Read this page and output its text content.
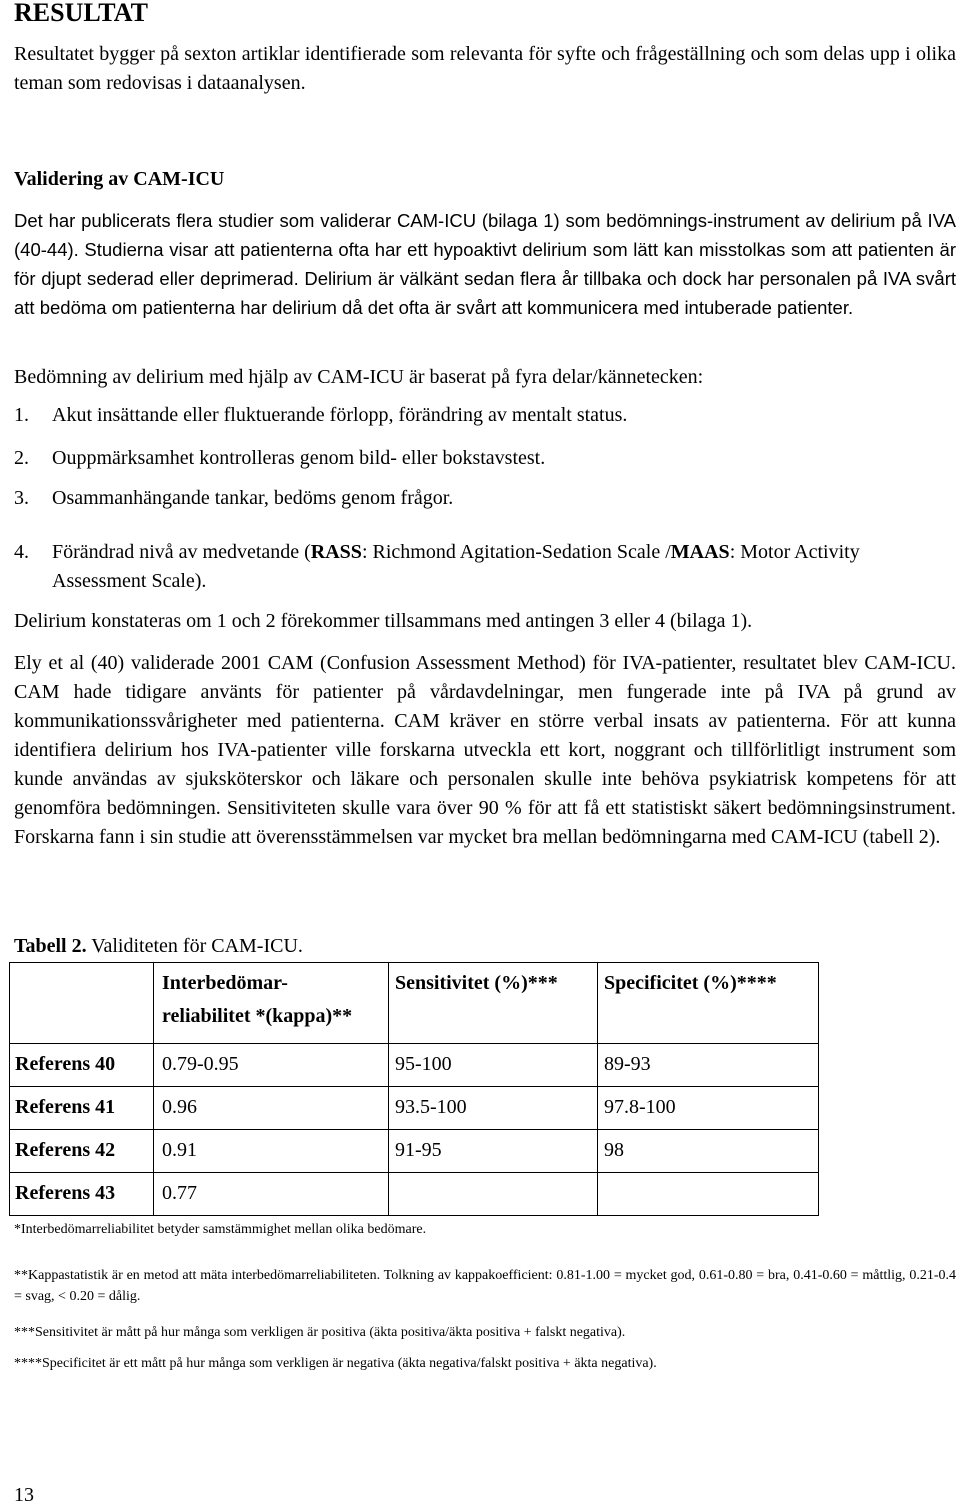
RESULTAT

Resultatet bygger på sexton artiklar identifierade som relevanta för syfte och frågeställning och som delas upp i olika teman som redovisas i dataanalysen.

Validering av CAM-ICU

Det har publicerats flera studier som validerar CAM-ICU (bilaga 1) som bedömnings-instrument av delirium på IVA (40-44). Studierna visar att patienterna ofta har ett hypoaktivt delirium som lätt kan misstolkas som att patienten är för djupt sederad eller deprimerad. Delirium är välkänt sedan flera år tillbaka och dock har personalen på IVA svårt att bedöma om patienterna har delirium då det ofta är svårt att kommunicera med intuberade patienter.

Bedömning av delirium med hjälp av CAM-ICU är baserat på fyra delar/kännetecken:

1. Akut insättande eller fluktuerande förlopp, förändring av mentalt status.
2. Ouppmärksamhet kontrolleras genom bild- eller bokstavstest.
3. Osammanhängande tankar, bedöms genom frågor.
4. Förändrad nivå av medvetande (RASS: Richmond Agitation-Sedation Scale /MAAS: Motor Activity Assessment Scale).

Delirium konstateras om 1 och 2 förekommer tillsammans med antingen 3 eller 4 (bilaga 1).

Ely et al (40) validerade 2001 CAM (Confusion Assessment Method) för IVA-patienter, resultatet blev CAM-ICU. CAM hade tidigare använts för patienter på vårdavdelningar, men fungerade inte på IVA på grund av kommunikationssvårigheter med patienterna. CAM kräver en större verbal insats av patienterna. För att kunna identifiera delirium hos IVA-patienter ville forskarna utveckla ett kort, noggrant och tillförlitligt instrument som kunde användas av sjuksköterskor och läkare och personalen skulle inte behöva psykiatrisk kompetens för att genomföra bedömningen. Sensitiviteten skulle vara över 90 % för att få ett statistiskt säkert bedömningsinstrument. Forskarna fann i sin studie att överensstämmelsen var mycket bra mellan bedömningarna med CAM-ICU (tabell 2).

Tabell 2. Validiteten för CAM-ICU.

	Interbedömar-
reliabilitet *(kappa)**	Sensitivitet (%)***	Specificitet (%)****

Referens 40	0.79-0.95	95-100	89-93

Referens 41	0.96	93.5-100	97.8-100

Referens 42	0.91	91-95	98

Referens 43	0.77		

*Interbedömarreliabilitet betyder samstämmighet mellan olika bedömare.

**Kappastatistik är en metod att mäta interbedömarreliabiliteten. Tolkning av kappakoefficient: 0.81-1.00 = mycket god, 0.61-0.80 = bra, 0.41-0.60 = måttlig, 0.21-0.4 = svag, < 0.20 = dålig.

***Sensitivitet är mått på hur många som verkligen är positiva (äkta positiva/äkta positiva + falskt negativa).

****Specificitet är ett mått på hur många som verkligen är negativa (äkta negativa/falskt positiva + äkta negativa).

13
